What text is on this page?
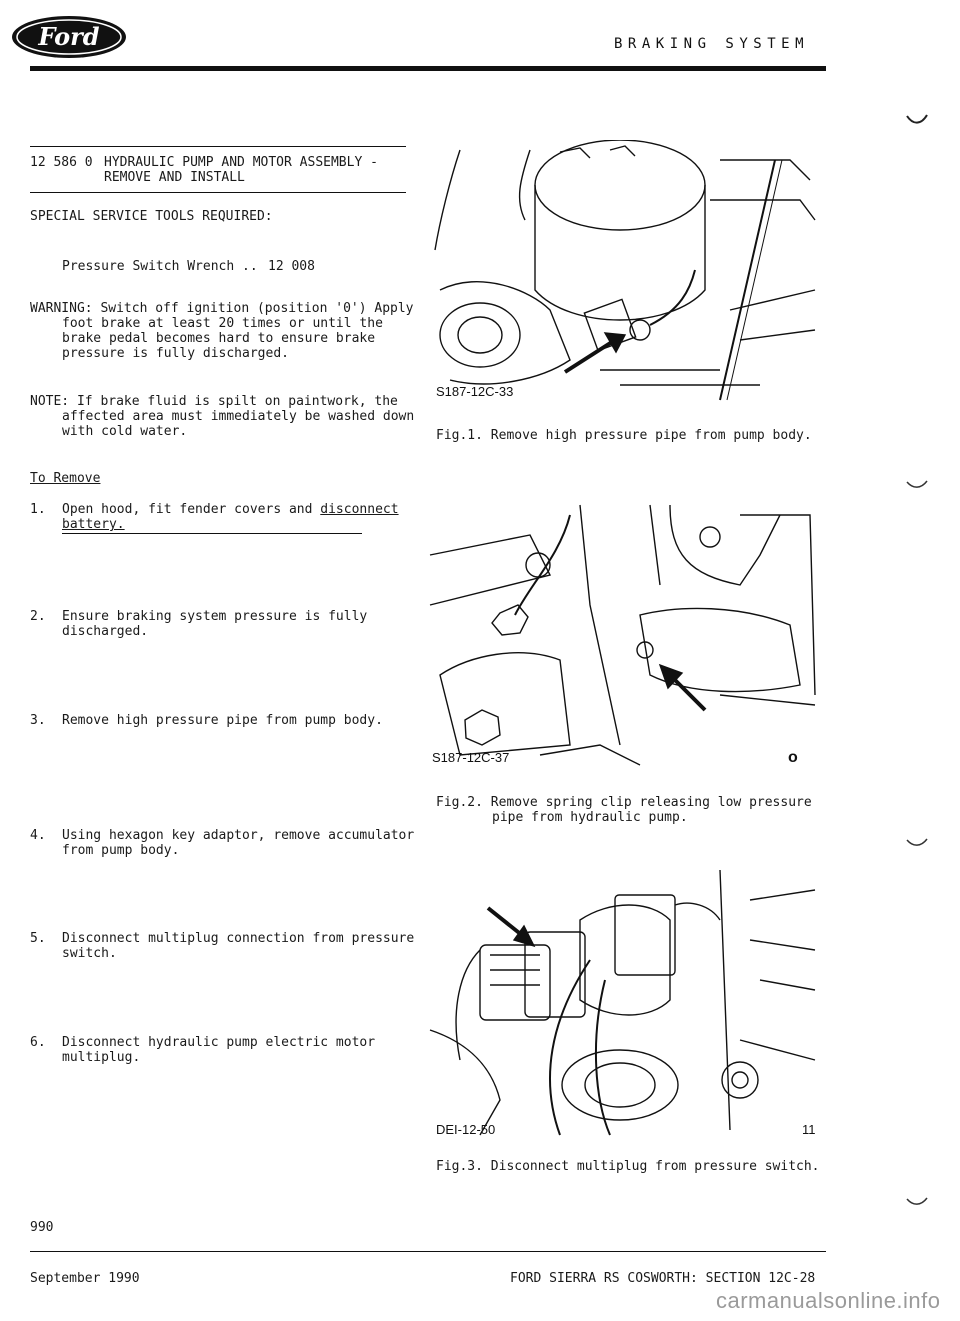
Ford	BRAKING SYSTEM
12 586 0 HYDRAULIC PUMP AND MOTOR ASSEMBLY -
REMOVE AND INSTALL
SPECIAL SERVICE TOOLS REQUIRED:
Pressure Switch Wrench .. 12 008
WARNING: Switch off ignition (position '0') Apply
foot brake at least 20 times or until the
brake pedal becomes hard to ensure brake
pressure is fully discharged.
NOTE: If brake fluid is spilt on paintwork, the
affected area must immediately be washed down
with cold water.
To Remove
1. Open hood, fit fender covers and disconnect
battery.
2. Ensure braking system pressure is fully
discharged.
3. Remove high pressure pipe from pump body.
4. Using hexagon key adaptor, remove accumulator
from pump body.
5. Disconnect multiplug connection from pressure
switch.
6. Disconnect hydraulic pump electric motor
multiplug.
990
S187-12C-33
Fig.1. Remove high pressure pipe from pump body.
S187-12C-37	o
Fig.2. Remove spring clip releasing low pressure
pipe from hydraulic pump.
DEI-12-50	11
Fig.3. Disconnect multiplug from pressure switch.
September 1990	FORD SIERRA RS COSWORTH: SECTION 12C-28
carmanualsonline.info
